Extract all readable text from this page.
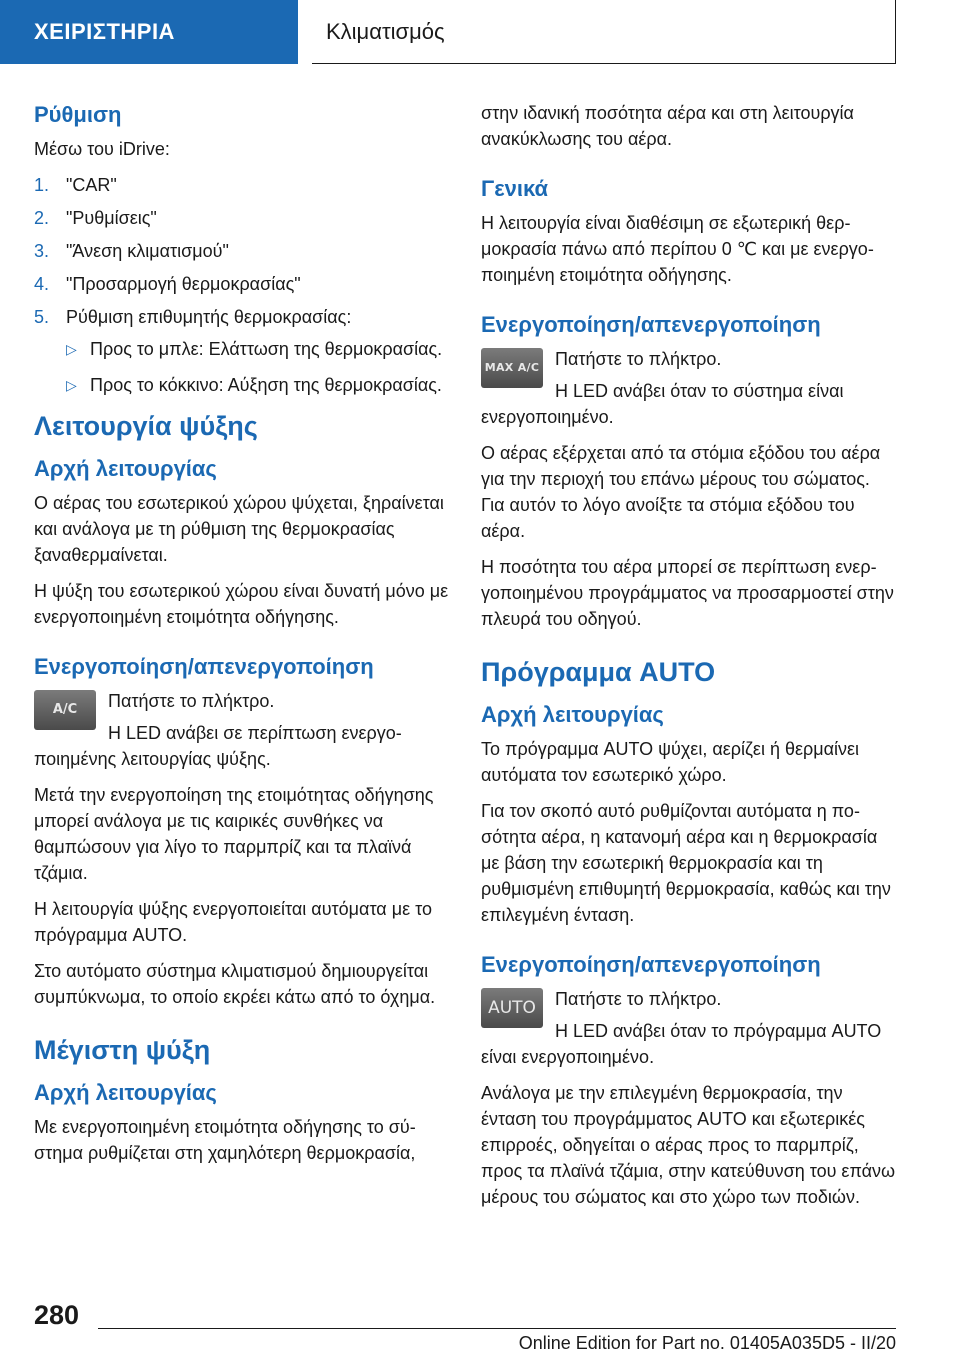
ΧΕΙΡΙΣΤΗΡΙΑ	Κλιματισμός
Ρύθμιση

Μέσω του iDrive:

1. "CAR"
2. "Ρυθμίσεις"
3. "Άνεση κλιματισμού"
4. "Προσαρμογή θερμοκρασίας"
5. Ρύθμιση επιθυμητής θερμοκρασίας:
▷ Προς το μπλε: Ελάττωση της θερμοκρασίας.
▷ Προς το κόκκινο: Αύξηση της θερμοκρασίας.
Λειτουργία ψύξης
Αρχή λειτουργίας

Ο αέρας του εσωτερικού χώρου ψύχεται, ξηραίνεται και ανάλογα με τη ρύθμιση της θερμοκρασίας ξαναθερμαίνεται.

Η ψύξη του εσωτερικού χώρου είναι δυνατή μόνο με ενεργοποιημένη ετοιμότητα οδήγησης.

Ενεργοποίηση/απενεργοποίηση
A/C	Πατήστε το πλήκτρο.

Η LED ανάβει σε περίπτωση ενεργοποιημένης λειτουργίας ψύξης.

Μετά την ενεργοποίηση της ετοιμότητας οδήγησης μπορεί ανάλογα με τις καιρικές συνθήκες να θαμπώσουν για λίγο το παρμπρίζ και τα πλαϊνά τζάμια.

Η λειτουργία ψύξης ενεργοποιείται αυτόματα με το πρόγραμμα AUTO.

Στο αυτόματο σύστημα κλιματισμού δημιουργείται συμπύκνωμα, το οποίο εκρέει κάτω από το όχημα.

Μέγιστη ψύξη
Αρχή λειτουργίας

Με ενεργοποιημένη ετοιμότητα οδήγησης το σύστημα ρυθμίζεται στη χαμηλότερη θερμοκρασία,

στην ιδανική ποσότητα αέρα και στη λειτουργία ανακύκλωσης του αέρα.

Γενικά

Η λειτουργία είναι διαθέσιμη σε εξωτερική θερμοκρασία πάνω από περίπου 0 ℃ και με ενεργοποιημένη ετοιμότητα οδήγησης.

Ενεργοποίηση/απενεργοποίηση
MAX A/C Πατήστε το πλήκτρο.

Η LED ανάβει όταν το σύστημα είναι ενεργοποιημένο.

Ο αέρας εξέρχεται από τα στόμια εξόδου του αέρα για την περιοχή του επάνω μέρους του σώματος. Για αυτόν το λόγο ανοίξτε τα στόμια εξόδου του αέρα.

Η ποσότητα του αέρα μπορεί σε περίπτωση ενεργοποιημένου προγράμματος να προσαρμοστεί στην πλευρά του οδηγού.

Πρόγραμμα AUTO
Αρχή λειτουργίας

Το πρόγραμμα AUTO ψύχει, αερίζει ή θερμαίνει αυτόματα τον εσωτερικό χώρο.

Για τον σκοπό αυτό ρυθμίζονται αυτόματα η ποσότητα αέρα, η κατανομή αέρα και η θερμοκρασία με βάση την εσωτερική θερμοκρασία και τη ρυθμισμένη επιθυμητή θερμοκρασία, καθώς και την επιλεγμένη ένταση.

Ενεργοποίηση/απενεργοποίηση
AUTO	Πατήστε το πλήκτρο.

Η LED ανάβει όταν το πρόγραμμα AUTO είναι ενεργοποιημένο.

Ανάλογα με την επιλεγμένη θερμοκρασία, την ένταση του προγράμματος AUTO και εξωτερικές επιρροές, οδηγείται ο αέρας προς το παρμπρίζ, προς τα πλαϊνά τζάμια, στην κατεύθυνση του επάνω μέρους του σώματος και στο χώρο των ποδιών.

280
Online Edition for Part no. 01405A035D5 - II/20
